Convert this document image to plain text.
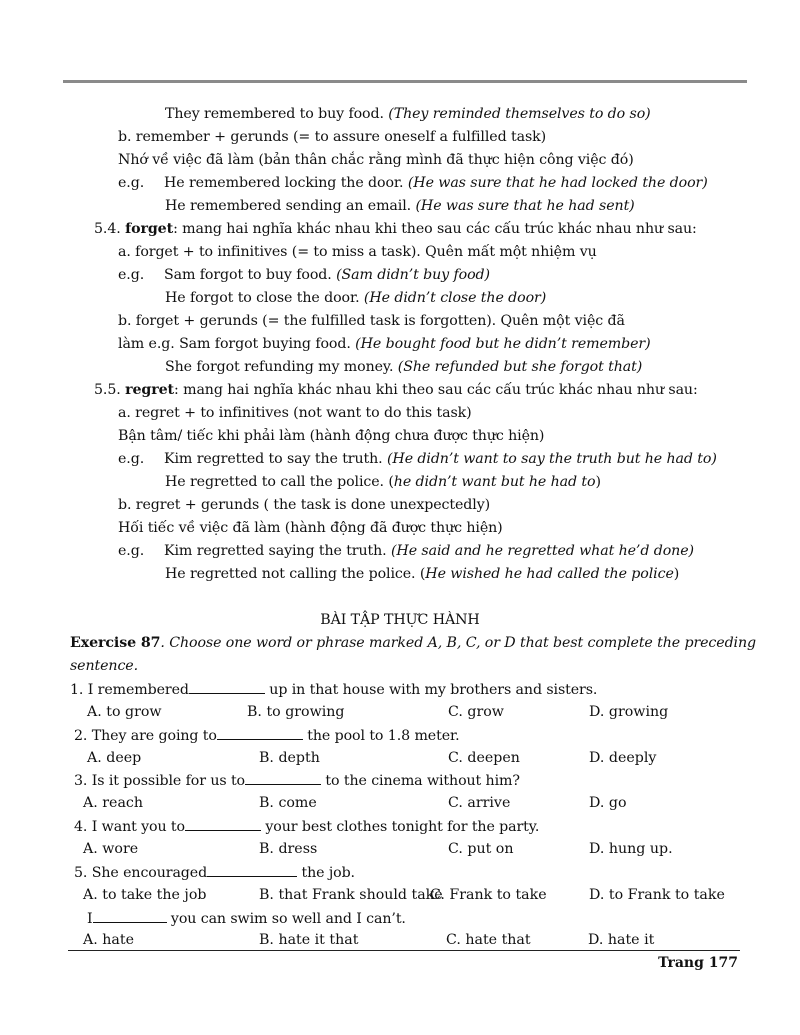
They remembered to buy food. (They reminded themselves to do so)
b. remember + gerunds (= to assure oneself a fulfilled task)
Nhớ về việc đã làm (bản thân chắc rằng mình đã thực hiện công việc đó)
e.g. He remembered locking the door. (He was sure that he had locked the door)
He remembered sending an email. (He was sure that he had sent)
5.4. forget: mang hai nghĩa khác nhau khi theo sau các cấu trúc khác nhau như sau:
a. forget + to infinitives (= to miss a task). Quên mất một nhiệm vụ
e.g. Sam forgot to buy food. (Sam didn’t buy food)
He forgot to close the door. (He didn’t close the door)
b. forget + gerunds (= the fulfilled task is forgotten). Quên một việc đã
làm e.g. Sam forgot buying food. (He bought food but he didn’t remember)
She forgot refunding my money. (She refunded but she forgot that)
5.5. regret: mang hai nghĩa khác nhau khi theo sau các cấu trúc khác nhau như sau:
a. regret + to infinitives (not want to do this task)
Bận tâm/ tiếc khi phải làm (hành động chưa được thực hiện)
e.g. Kim regretted to say the truth. (He didn’t want to say the truth but he had to)
He regretted to call the police. (he didn’t want but he had to)
b. regret + gerunds ( the task is done unexpectedly)
Hối tiếc về việc đã làm (hành động đã được thực hiện)
e.g. Kim regretted saying the truth. (He said and he regretted what he’d done)
He regretted not calling the police. (He wished he had called the police)
BÀI TẬP THỰC HÀNH
Exercise 87. Choose one word or phrase marked A, B, C, or D that best complete the preceding
sentence.
1. I remembered	up in that house with my brothers and sisters.
A. to grow	B. to growing	C. grow	D. growing
2. They are going to	the pool to 1.8 meter.
A. deep	B. depth	C. deepen	D. deeply
3. Is it possible for us to	to the cinema without him?
A. reach	B. come	C. arrive	D. go
4. I want you to	your best clothes tonight for the party.
A. wore	B. dress	C. put on	D. hung up.
5. She encouraged	the job.
A. to take the job	B. that Frank should take
C. Frank to take	D. to Frank to take
I	you can swim so well and I can’t.
A. hate	B. hate it that	C. hate that	D. hate it
Trang 177
